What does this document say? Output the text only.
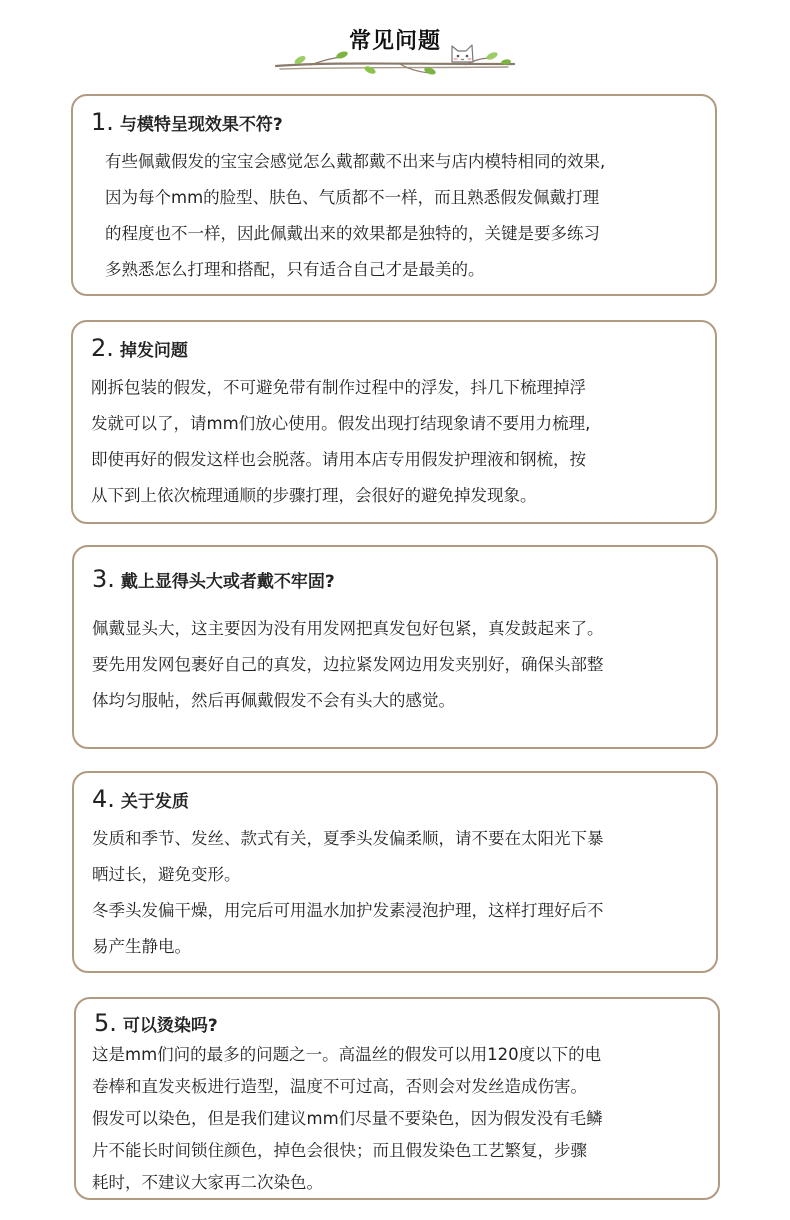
常见问题
1. 与模特呈现效果不符?

有些佩戴假发的宝宝会感觉怎么戴都戴不出来与店内模特相同的效果,

因为每个mm的脸型、肤色、气质都不一样，而且熟悉假发佩戴打理

的程度也不一样，因此佩戴出来的效果都是独特的，关键是要多练习

多熟悉怎么打理和搭配，只有适合自己才是最美的。

2. 掉发问题

刚拆包装的假发，不可避免带有制作过程中的浮发，抖几下梳理掉浮

发就可以了，请mm们放心使用。假发出现打结现象请不要用力梳理,

即使再好的假发这样也会脱落。请用本店专用假发护理液和钢梳，按

从下到上依次梳理通顺的步骤打理，会很好的避免掉发现象。

3. 戴上显得头大或者戴不牢固?

佩戴显头大，这主要因为没有用发网把真发包好包紧，真发鼓起来了。

要先用发网包裹好自己的真发，边拉紧发网边用发夹别好，确保头部整

体均匀服帖，然后再佩戴假发不会有头大的感觉。

4. 关于发质

发质和季节、发丝、款式有关，夏季头发偏柔顺，请不要在太阳光下暴

晒过长，避免变形。

冬季头发偏干燥，用完后可用温水加护发素浸泡护理，这样打理好后不

易产生静电。

5. 可以烫染吗?

这是mm们问的最多的问题之一。高温丝的假发可以用120度以下的电

卷棒和直发夹板进行造型，温度不可过高，否则会对发丝造成伤害。

假发可以染色，但是我们建议mm们尽量不要染色，因为假发没有毛鳞

片不能长时间锁住颜色，掉色会很快；而且假发染色工艺繁复，步骤

耗时，不建议大家再二次染色。
